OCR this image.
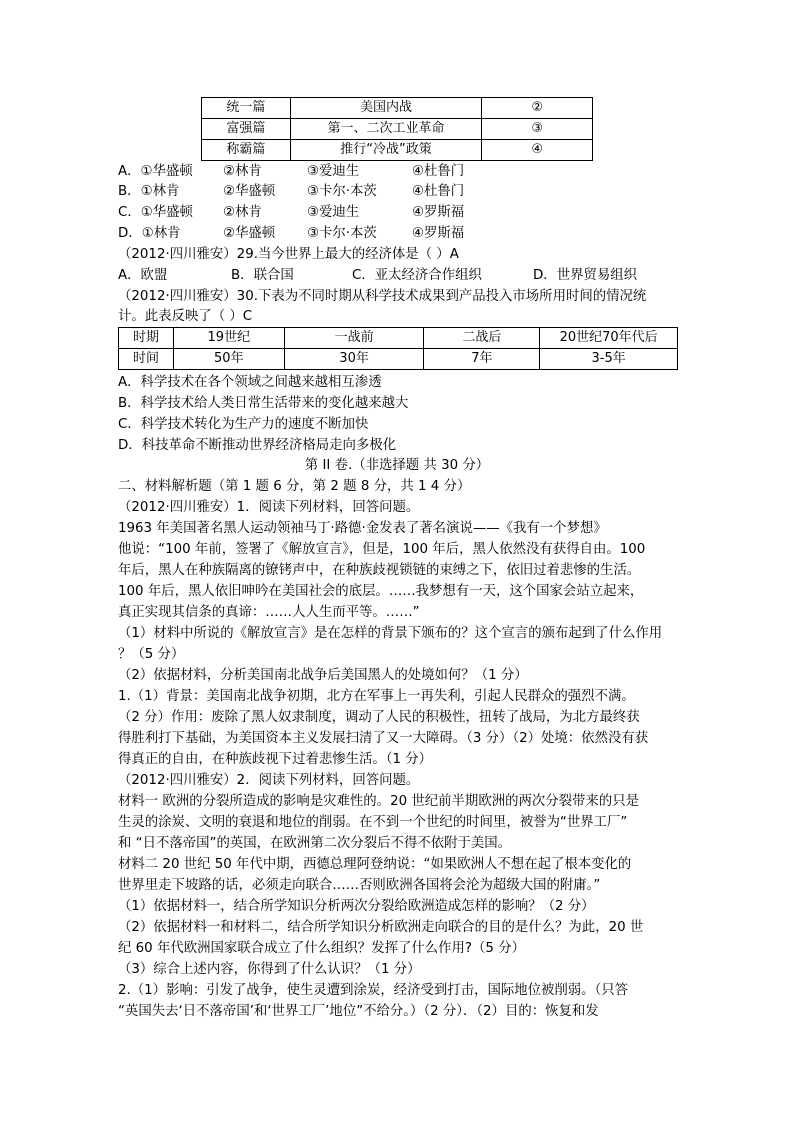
统一篇	美国内战	②
富强篇	第一、二次工业革命	③
称霸篇	推行“冷战”政策	④
A．①华盛顿 ②林肯	③爱迪生	④杜鲁门
B．①林肯	②华盛顿 ③卡尔·本茨	④杜鲁门
C．①华盛顿 ②林肯	③爱迪生	④罗斯福
D．①林肯	②华盛顿 ③卡尔·本茨	④罗斯福
（2012·四川雅安）29.当今世界上最大的经济体是（ ）A
A．欧盟	B．联合国	C．亚太经济合作组织	D．世界贸易组织
（2012·四川雅安）30.下表为不同时期从科学技术成果到产品投入市场所用时间的情况统
计。此表反映了（ ）C
时期	19世纪	一战前	二战后	20世纪70年代后
时间	50年	30年	7年	3-5年
A．科学技术在各个领域之间越来越相互渗透
B．科学技术给人类日常生活带来的变化越来越大
C．科学技术转化为生产力的速度不断加快
D．科技革命不断推动世界经济格局走向多极化
第 II 卷.（非选择题 共 30 分）
二、材料解析题（第 1 题 6 分，第 2 题 8 分，共 1 4 分）
（2012·四川雅安）1．阅读下列材料，回答问题。
1963 年美国著名黑人运动领袖马丁·路德·金发表了著名演说——《我有一个梦想》
他说：“100 年前，签署了《解放宣言》，但是，100 年后，黑人依然没有获得自由。100
年后，黑人在种族隔离的镣铐声中，在种族歧视锁链的束缚之下，依旧过着悲惨的生活。
100 年后，黑人依旧呻吟在美国社会的底层。……我梦想有一天，这个国家会站立起来，
真正实现其信条的真谛：……人人生而平等。……”
（1）材料中所说的《解放宣言》是在怎样的背景下颁布的？这个宣言的颁布起到了什么作用
？（5 分）
（2）依据材料，分析美国南北战争后美国黑人的处境如何？（1 分）
1.（1）背景：美国南北战争初期，北方在军事上一再失利，引起人民群众的强烈不满。
（2 分）作用：废除了黑人奴隶制度，调动了人民的积极性，扭转了战局，为北方最终获
得胜利打下基础，为美国资本主义发展扫清了又一大障碍。（3 分）（2）处境：依然没有获
得真正的自由，在种族歧视下过着悲惨生活。（1 分）
（2012·四川雅安）2．阅读下列材料，回答问题。
材料一 欧洲的分裂所造成的影响是灾难性的。20 世纪前半期欧洲的两次分裂带来的只是
生灵的涂炭、文明的衰退和地位的削弱。在不到一个世纪的时间里，被誉为“世界工厂”
和 “日不落帝国”的英国，在欧洲第二次分裂后不得不依附于美国。
材料二 20 世纪 50 年代中期，西德总理阿登纳说：“如果欧洲人不想在起了根本变化的
世界里走下坡路的话，必须走向联合……否则欧洲各国将会沦为超级大国的附庸。”
（1）依据材料一，结合所学知识分析两次分裂给欧洲造成怎样的影响？（2 分）
（2）依据材料一和材料二，结合所学知识分析欧洲走向联合的目的是什么？为此，20 世
纪 60 年代欧洲国家联合成立了什么组织？发挥了什么作用?（5 分）
（3）综合上述内容，你得到了什么认识？（1 分）
2.（1）影响：引发了战争，使生灵遭到涂炭，经济受到打击，国际地位被削弱。（只答
“英国失去‘日不落帝国’和‘世界工厂’地位”不给分。）（2 分）．（2）目的：恢复和发
